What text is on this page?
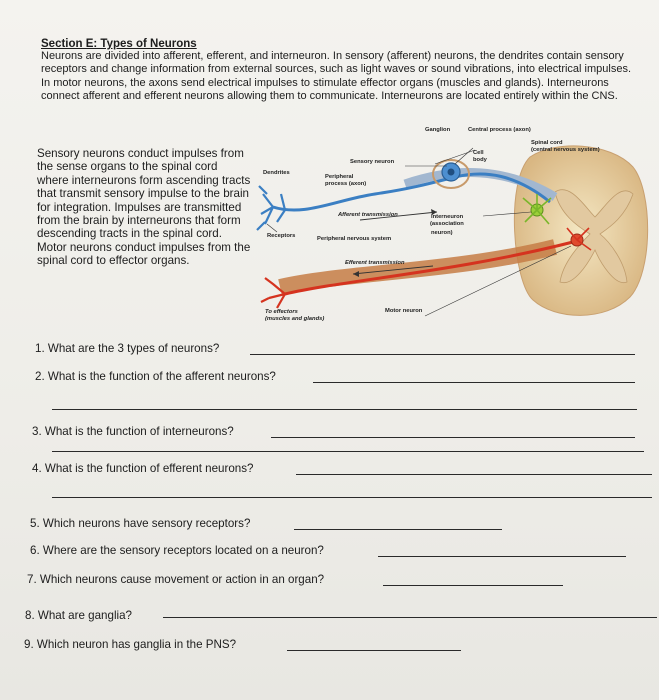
Section E: Types of Neurons
Neurons are divided into afferent, efferent, and interneuron. In sensory (afferent) neurons, the dendrites contain sensory receptors and change information from external sources, such as light waves or sound vibrations, into electrical impulses. In motor neurons, the axons send electrical impulses to stimulate effector organs (muscles and glands). Interneurons connect afferent and efferent neurons allowing them to communicate. Interneurons are located entirely within the CNS.
Sensory neurons conduct impulses from the sense organs to the spinal cord where interneurons form ascending tracts that transmit sensory impulse to the brain for integration. Impulses are transmitted from the brain by interneurons that form descending tracts in the spinal cord. Motor neurons conduct impulses from the spinal cord to effector organs.
Ganglion	Central process (axon)
Spinal cord
(central nervous system)
Cell
body
Sensory neuron
Dendrites
Peripheral
process (axon)
Afferent transmission	Interneuron
(association
neuron)
Receptors	Peripheral nervous system
Efferent transmission
To effectors
(muscles and glands)
Motor neuron
1. What are the 3 types of neurons?
2. What is the function of the afferent neurons?
3. What is the function of interneurons?
4. What is the function of efferent neurons?
5. Which neurons have sensory receptors?
6. Where are the sensory receptors located on a neuron?
7. Which neurons cause movement or action in an organ?
8. What are ganglia?
9. Which neuron has ganglia in the PNS?
